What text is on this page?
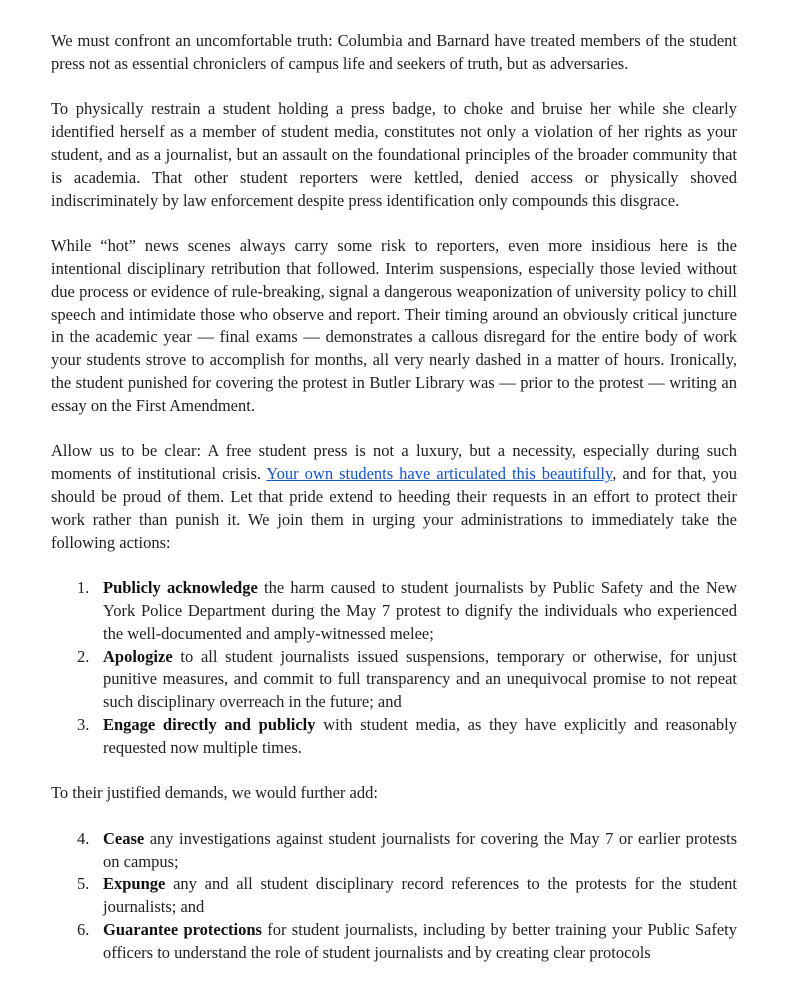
We must confront an uncomfortable truth: Columbia and Barnard have treated members of the student press not as essential chroniclers of campus life and seekers of truth, but as adversaries.

To physically restrain a student holding a press badge, to choke and bruise her while she clearly identified herself as a member of student media, constitutes not only a violation of her rights as your student, and as a journalist, but an assault on the foundational principles of the broader community that is academia. That other student reporters were kettled, denied access or physically shoved indiscriminately by law enforcement despite press identification only compounds this disgrace.

While “hot” news scenes always carry some risk to reporters, even more insidious here is the intentional disciplinary retribution that followed. Interim suspensions, especially those levied without due process or evidence of rule-breaking, signal a dangerous weaponization of university policy to chill speech and intimidate those who observe and report. Their timing around an obviously critical juncture in the academic year — final exams — demonstrates a callous disregard for the entire body of work your students strove to accomplish for months, all very nearly dashed in a matter of hours. Ironically, the student punished for covering the protest in Butler Library was — prior to the protest — writing an essay on the First Amendment.

Allow us to be clear: A free student press is not a luxury, but a necessity, especially during such moments of institutional crisis. Your own students have articulated this beautifully, and for that, you should be proud of them. Let that pride extend to heeding their requests in an effort to protect their work rather than punish it. We join them in urging your administrations to immediately take the following actions:

1. Publicly acknowledge the harm caused to student journalists by Public Safety and the New York Police Department during the May 7 protest to dignify the individuals who experienced the well-documented and amply-witnessed melee;
2. Apologize to all student journalists issued suspensions, temporary or otherwise, for unjust punitive measures, and commit to full transparency and an unequivocal promise to not repeat such disciplinary overreach in the future; and
3. Engage directly and publicly with student media, as they have explicitly and reasonably requested now multiple times.

To their justified demands, we would further add:

4. Cease any investigations against student journalists for covering the May 7 or earlier protests on campus;
5. Expunge any and all student disciplinary record references to the protests for the student journalists; and
6. Guarantee protections for student journalists, including by better training your Public Safety officers to understand the role of student journalists and by creating clear protocols
